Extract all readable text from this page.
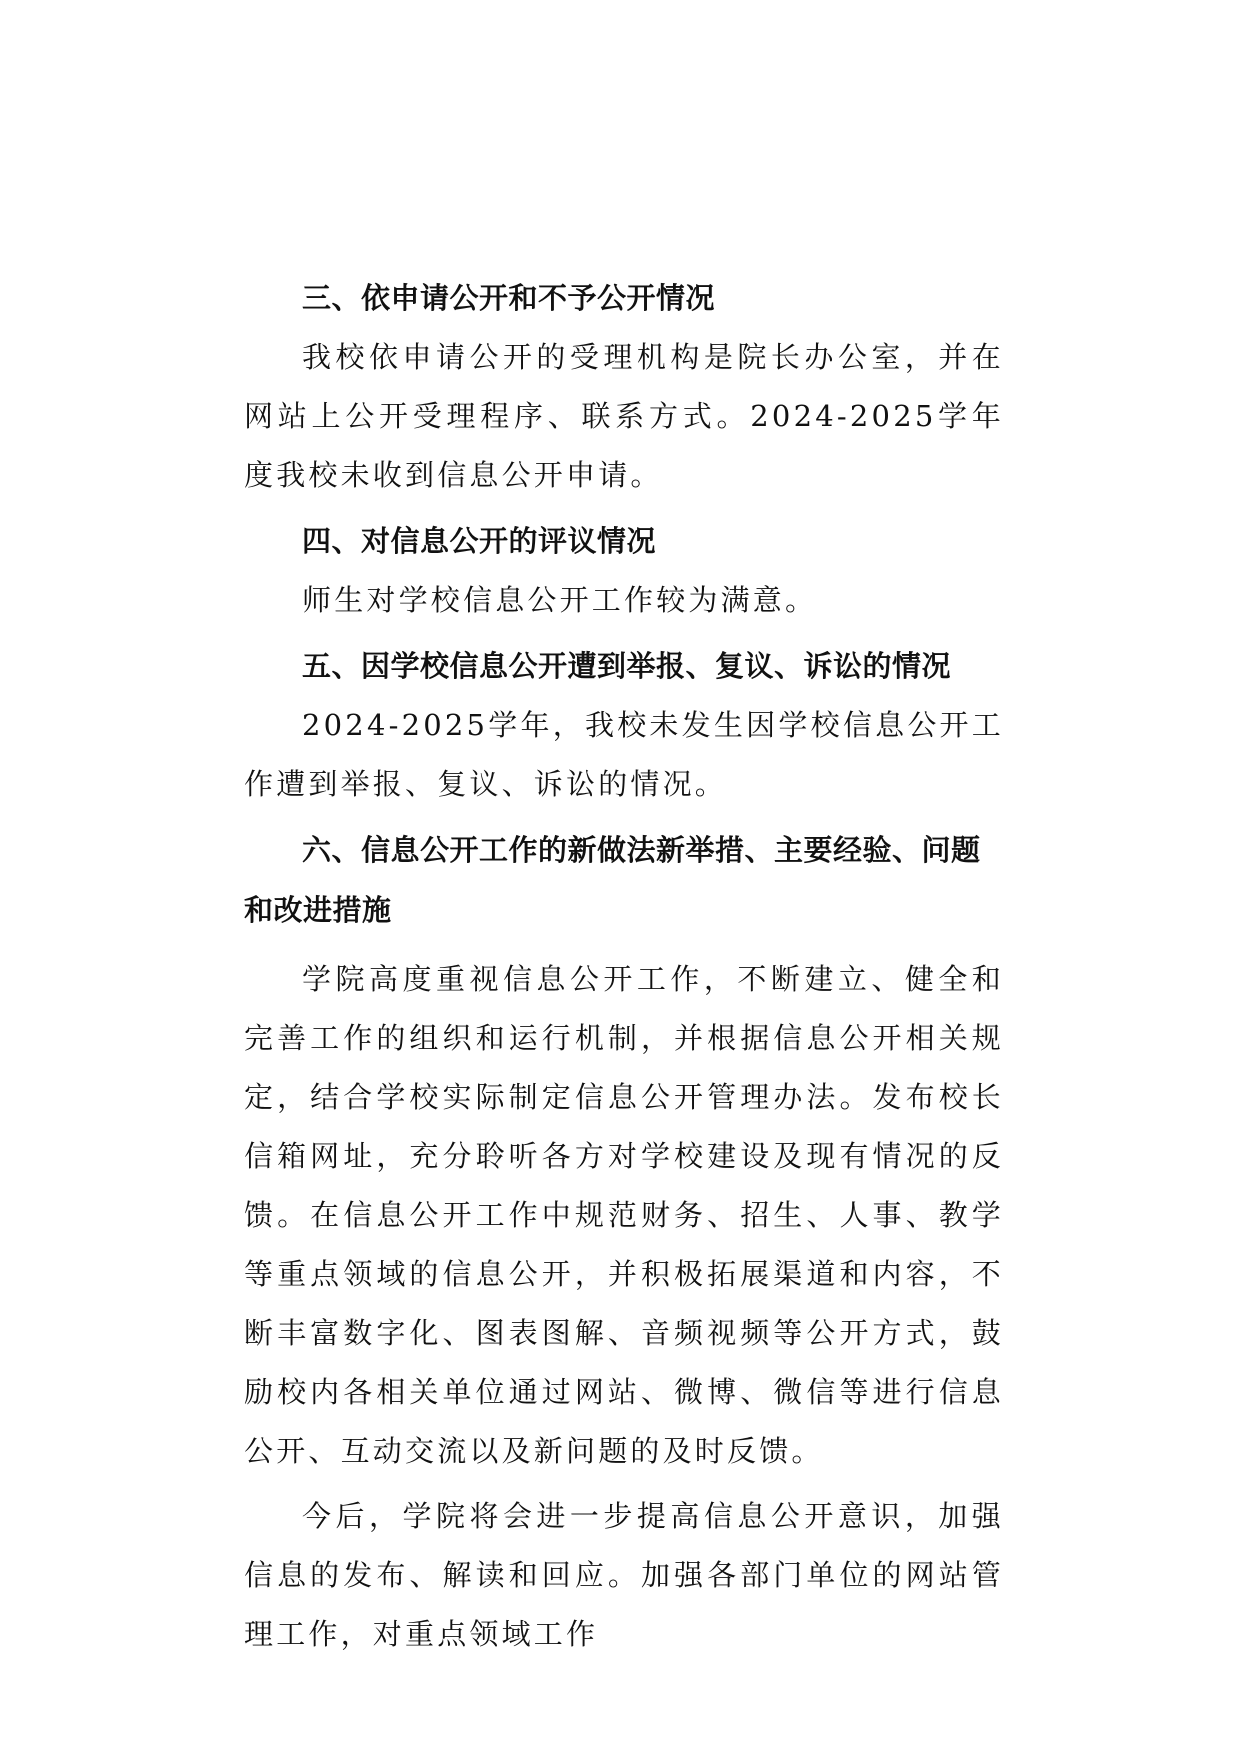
三、依申请公开和不予公开情况

我校依申请公开的受理机构是院长办公室，并在网站上公开受理程序、联系方式。2024-2025学年度我校未收到信息公开申请。

四、对信息公开的评议情况

师生对学校信息公开工作较为满意。

五、因学校信息公开遭到举报、复议、诉讼的情况

2024-2025学年，我校未发生因学校信息公开工作遭到举报、复议、诉讼的情况。

六、信息公开工作的新做法新举措、主要经验、问题和改进措施

学院高度重视信息公开工作，不断建立、健全和完善工作的组织和运行机制，并根据信息公开相关规定，结合学校实际制定信息公开管理办法。发布校长信箱网址，充分聆听各方对学校建设及现有情况的反馈。在信息公开工作中规范财务、招生、人事、教学等重点领域的信息公开，并积极拓展渠道和内容，不断丰富数字化、图表图解、音频视频等公开方式，鼓励校内各相关单位通过网站、微博、微信等进行信息公开、互动交流以及新问题的及时反馈。

今后，学院将会进一步提高信息公开意识，加强信息的发布、解读和回应。加强各部门单位的网站管理工作，对重点领域工作
